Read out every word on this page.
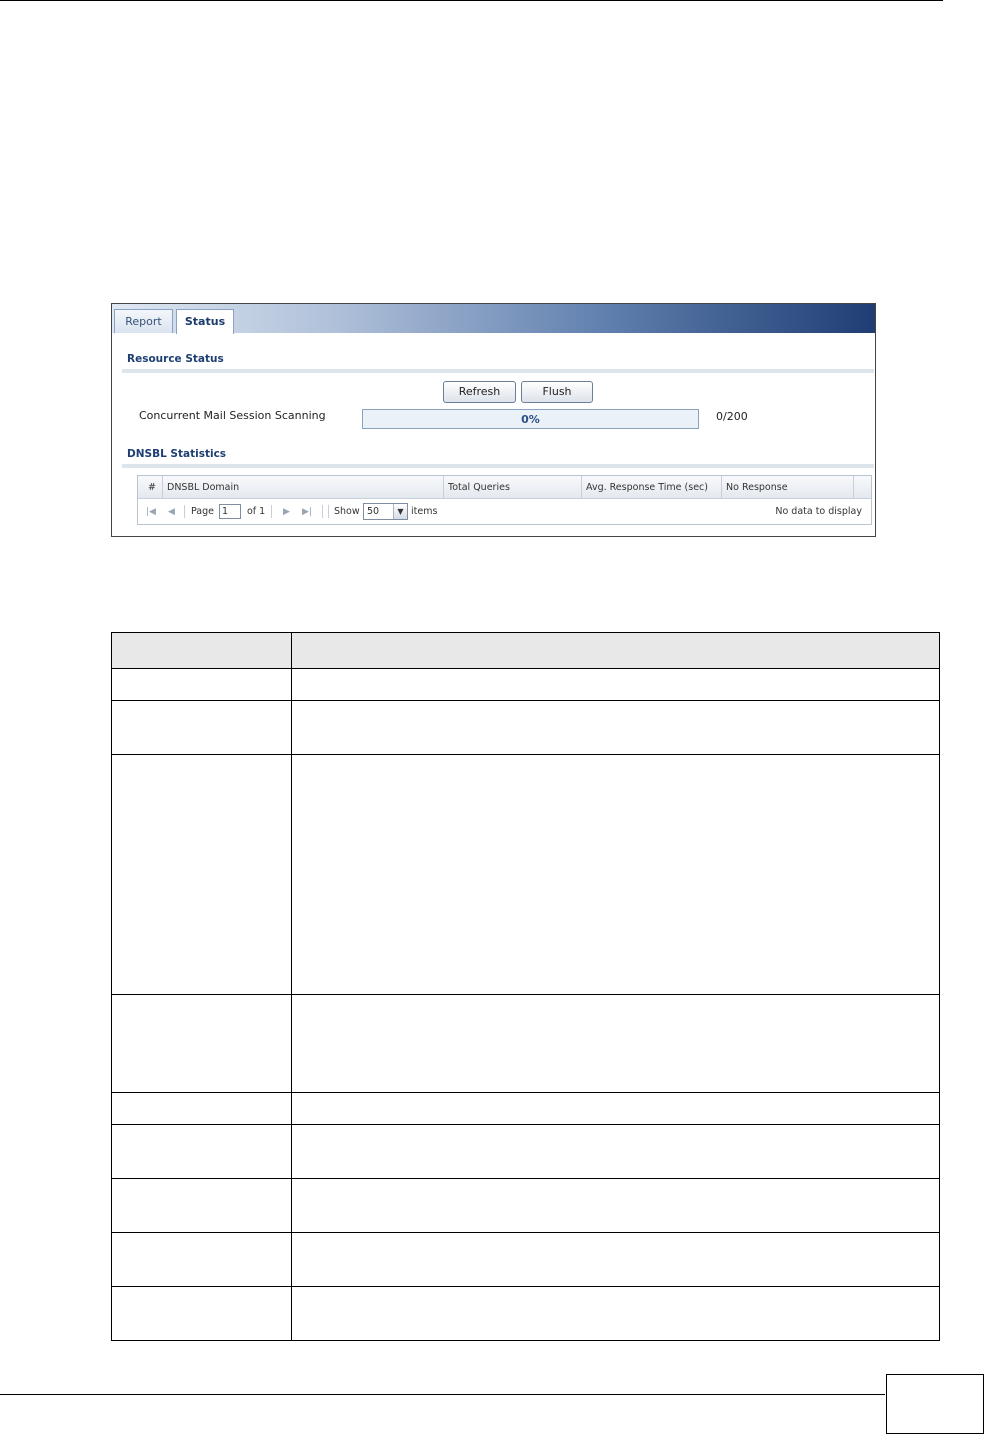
Report	Status
Resource Status
Refresh	Flush
Concurrent Mail Session Scanning	0%	0/200
DNSBL Statistics
#	DNSBL Domain	Total Queries	Avg. Response Time (sec)	No Response
|◀ ◀ Page 1	of 1 ▶ ▶| Show 50	▼ items	No data to display
